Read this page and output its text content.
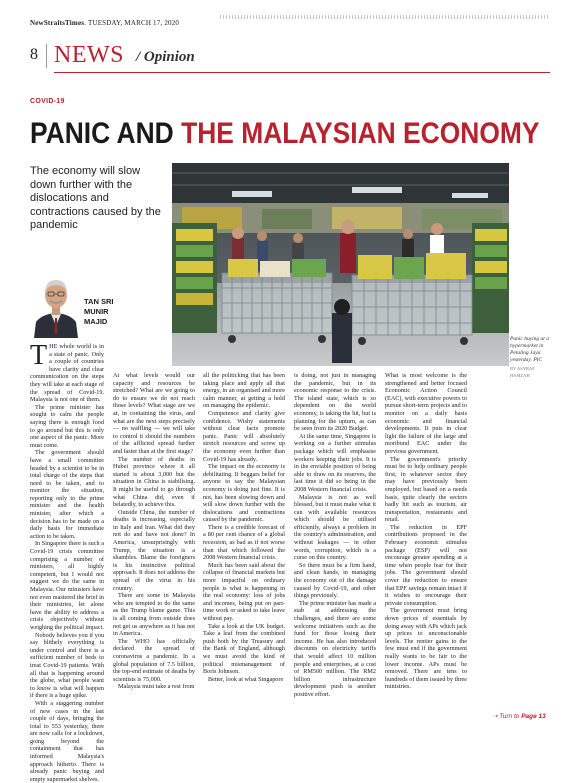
NewStraitsTimes. TUESDAY, MARCH 17, 2020
8 NEWS / Opinion
COVID-19
PANIC AND THE MALAYSIAN ECONOMY
The economy will slow down further with the dislocations and contractions caused by the pandemic
TAN SRI
MUNIR
MAJID
Panic buying at a hypermarket in Petaling Jaya yesterday. PIC
BY ASYRAF HAMZAH
T HE whole world is in a state of panic. Only a couple of countries have clarity and clear communication on the steps they will take at each stage of the spread of Covid-19. Malaysia is not one of them.

The prime minister has sought to calm the people saying there is enough food to go around but this is only one aspect of the panic. More must come.

The government should have a small committee headed by a scientist to be in total charge of the steps that need to be taken, and to monitor the situation, reporting only to the prime minister and the health minister, after which a decision has to be made on a daily basis for immediate action to be taken.

In Singapore there is such a Covid-19 crisis committee comprising a number of ministers, all highly competent, but I would not suggest we do the same in Malaysia. Our ministers have not even mastered the brief in their ministries, let alone have the ability to address a crisis objectively without weighing the political impact.

Nobody believes you if you say blithely everything is under control and there is a sufficient number of beds to treat Covid-19 patients. With all that is happening around the globe, what people want to know is what will happen if there is a huge spike.

With a staggering number of new cases in the last couple of days, bringing the total to 553 yesterday, there are now calls for a lockdown, going beyond the containment that has informed Malaysia's approach hitherto. There is already panic buying and empty supermarket shelves.

At what levels would our capacity and resources be stretched? What are we going to do to ensure we do not reach those levels? What stage are we at, in containing the virus, and what are the next steps precisely — no waffling — we will take to control it should the numbers of the afflicted spread further and faster than at the first stage?

The number of deaths in Hubei province where it all started is about 3,000 but the situation in China is stabilising. It might be useful to go through what China did, even if belatedly, to achieve this.

Outside China, the number of deaths is increasing, especially in Italy and Iran. What did they not do and have not done? In America, unsurprisingly with Trump, the situation is a shambles. Blame the foreigners is his instinctive political approach. It does not address the spread of the virus in his country.

There are some in Malaysia who are tempted to do the same as the Trump blame game. This is all coming from outside does not get us anywhere as it has not in America.

The WHO has officially declared the spread of coronavirus a pandemic. In a global population of 7.5 billion, the top-end estimate of deaths by scientists is 75,000.

Malaysia must take a rest from

all the politicking that has been taking place and apply all that energy, in an organised and more calm manner, at getting a hold on managing the epidemic.

Competence and clarity give confidence. Wishy statements without clear facts promote panic. Panic will absolutely stretch resources and screw up the economy even further than Covid-19 has already.

The impact on the economy is debilitating. It beggars belief for anyone to say the Malaysian economy is doing just fine. It is not, has been slowing down and will slow down further with the dislocations and contractions caused by the pandemic.

There is a credible forecast of a 80 per cent chance of a global recession, as bad as if not worse than that which followed the 2008 Western financial crisis.

Much has been said about the collapse of financial markets but more impactful on ordinary people is what is happening in the real economy: loss of jobs and incomes, being put on part-time work or asked to take leave without pay.

Take a look at the UK budget. Take a leaf from the combined push both by the Treasury and the Bank of England, although we must avoid the kind of political mismanagement of Boris Johnson.

Better, look at what Singapore

is doing, not just in managing the pandemic, but in its economic response to the crisis. The island state, which is so dependent on the world economy, is taking the hit, but is planning for the upturn, as can be seen from its 2020 Budget.

At the same time, Singapore is working on a further stimulus package which will emphasise workers keeping their jobs. It is in the enviable position of being able to draw on its reserves, the last time it did so being in the 2008 Western financial crisis.

Malaysia is not as well blessed, but it must make what it can with available resources which should be utilised efficiently, always a problem in the country's administration, and without leakages — in other words, corruption, which is a curse on this country.

So there must be a firm hand, and clean hands, in managing the economy out of the damage caused by Covid-19, and other things previously.

The prime minister has made a stab at addressing the challenges, and there are some welcome initiatives such as the fund for those losing their income. He has also introduced discounts on electricity tariffs that would affect 10 million people and enterprises, at a cost of RM500 million. The RM2 billion infrastructure development push is another positive effort.

What is most welcome is the strengthened and better focused Economic Action Council (EAC), with executive powers to pursue short-term projects and to monitor on a daily basis economic and financial developments. It puts in clear light the failure of the large and moribund EAC under the previous government.

The government's priority must be to help ordinary people first, in whatever sector they may have previously been employed, but based on a needs basis, quite clearly the sectors badly hit such as tourism, air transportation, restaurants and retail.

The reduction in EPF contributions proposed in the February economic stimulus package (ESP) will not encourage greater spending at a time when people fear for their jobs. The government should cover the reduction to ensure that EPF savings remain intact if it wishes to encourage their private consumption.

The government must bring down prices of essentials by doing away with APs which jack up prices to unconscionable levels. The rentier gains to the few must end if the government really wants to be fair to the lower income. APs must be removed. There are tens to hundreds of them issued by three ministries.

➝ Turn to Page 13
